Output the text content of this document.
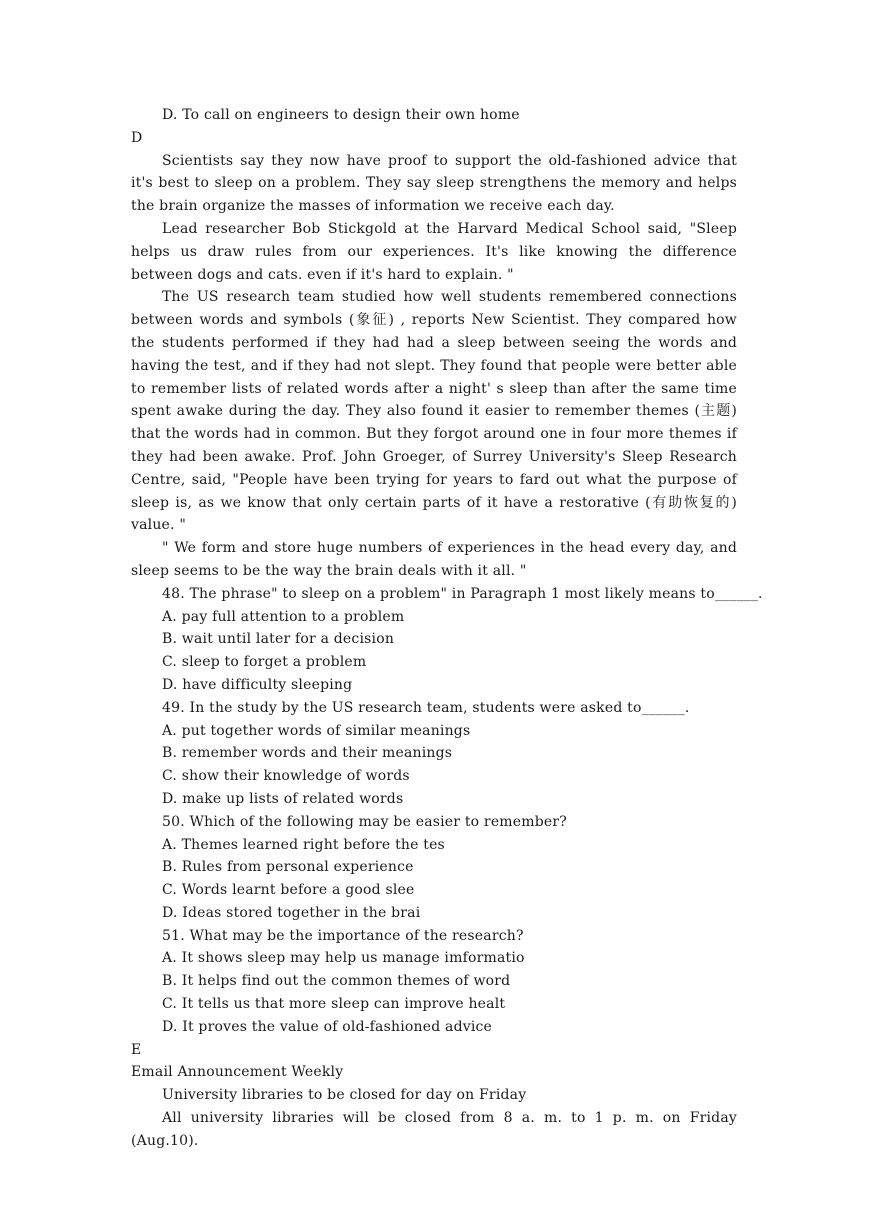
D. To call on engineers to design their own home

D

Scientists say they now have proof to support the old-fashioned advice that it's best to sleep on a problem. They say sleep strengthens the memory and helps the brain organize the masses of information we receive each day.

Lead researcher Bob Stickgold at the Harvard Medical School said, "Sleep helps us draw rules from our experiences. It's like knowing the difference between dogs and cats. even if it's hard to explain. "

The US research team studied how well students remembered connections between words and symbols (象征) , reports New Scientist. They compared how the students performed if they had had a sleep between seeing the words and having the test, and if they had not slept. They found that people were better able to remember lists of related words after a night' s sleep than after the same time spent awake during the day. They also found it easier to remember themes (主题) that the words had in common. But they forgot around one in four more themes if they had been awake. Prof. John Groeger, of Surrey University's Sleep Research Centre, said, "People have been trying for years to fard out what the purpose of sleep is, as we know that only certain parts of it have a restorative (有助恢复的) value. "

" We form and store huge numbers of experiences in the head every day, and sleep seems to be the way the brain deals with it all. "

48. The phrase" to sleep on a problem" in Paragraph 1 most likely means to______.

A. pay full attention to a problem

B. wait until later for a decision

C. sleep to forget a problem

D. have difficulty sleeping

49. In the study by the US research team, students were asked to______.

A. put together words of similar meanings

B. remember words and their meanings

C. show their knowledge of words

D. make up lists of related words

50. Which of the following may be easier to remember?

A. Themes learned right before the tes

B. Rules from personal experience

C. Words learnt before a good slee

D. Ideas stored together in the brai

51. What may be the importance of the research?

A. It shows sleep may help us manage imformatio

B. It helps find out the common themes of word

C. It tells us that more sleep can improve healt

D. It proves the value of old-fashioned advice

E

Email Announcement Weekly

University libraries to be closed for day on Friday

All university libraries will be closed from 8 a. m. to 1 p. m. on Friday (Aug.10).
